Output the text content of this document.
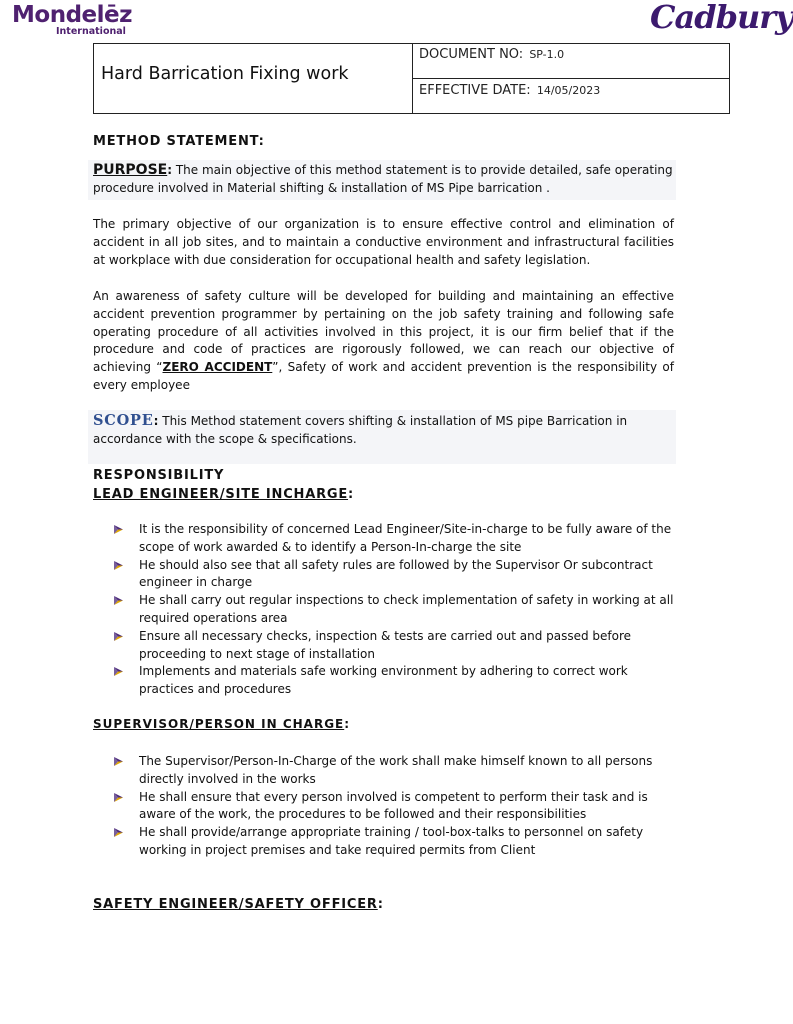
Mondelēz
International	Cadbury
Hard Barrication Fixing work
DOCUMENT NO: SP-1.0
EFFECTIVE DATE: 14/05/2023
METHOD STATEMENT:
PURPOSE: The main objective of this method statement is to provide detailed, safe operating procedure involved in Material shifting & installation of MS Pipe barrication .
The primary objective of our organization is to ensure effective control and elimination of accident in all job sites, and to maintain a conductive environment and infrastructural facilities at workplace with due consideration for occupational health and safety legislation.
An awareness of safety culture will be developed for building and maintaining an effective accident prevention programmer by pertaining on the job safety training and following safe operating procedure of all activities involved in this project, it is our firm belief that if the procedure and code of practices are rigorously followed, we can reach our objective of achieving “ZERO ACCIDENT”, Safety of work and accident prevention is the responsibility of every employee
SCOPE: This Method statement covers shifting & installation of MS pipe Barrication in accordance with the scope & specifications.
RESPONSIBILITY
LEAD ENGINEER/SITE INCHARGE:
It is the responsibility of concerned Lead Engineer/Site-in-charge to be fully aware of the scope of work awarded & to identify a Person-In-charge the site
He should also see that all safety rules are followed by the Supervisor Or subcontract engineer in charge
He shall carry out regular inspections to check implementation of safety in working at all required operations area
Ensure all necessary checks, inspection & tests are carried out and passed before proceeding to next stage of installation
Implements and materials safe working environment by adhering to correct work practices and procedures
SUPERVISOR/PERSON IN CHARGE:
The Supervisor/Person-In-Charge of the work shall make himself known to all persons directly involved in the works
He shall ensure that every person involved is competent to perform their task and is aware of the work, the procedures to be followed and their responsibilities
He shall provide/arrange appropriate training / tool-box-talks to personnel on safety working in project premises and take required permits from Client
SAFETY ENGINEER/SAFETY OFFICER:
